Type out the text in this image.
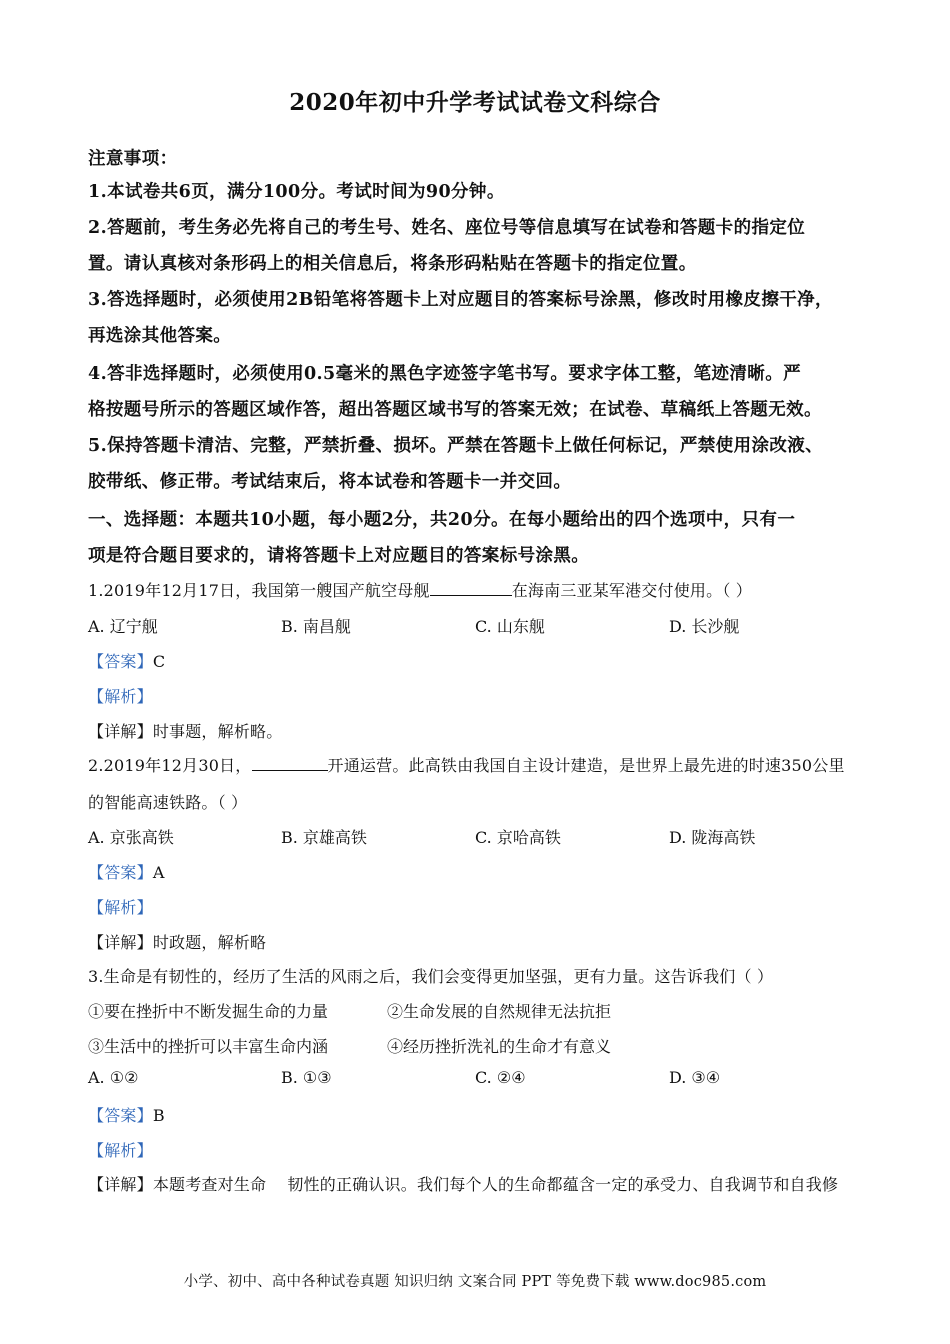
2020年初中升学考试试卷文科综合
注意事项：
1.本试卷共6页，满分100分。考试时间为90分钟。
2.答题前，考生务必先将自己的考生号、姓名、座位号等信息填写在试卷和答题卡的指定位
置。请认真核对条形码上的相关信息后，将条形码粘贴在答题卡的指定位置。
3.答选择题时，必须使用2B铅笔将答题卡上对应题目的答案标号涂黑，修改时用橡皮擦干净，
再选涂其他答案。
4.答非选择题时，必须使用0.5毫米的黑色字迹签字笔书写。要求字体工整，笔迹清晰。严
格按题号所示的答题区域作答，超出答题区域书写的答案无效；在试卷、草稿纸上答题无效。
5.保持答题卡清洁、完整，严禁折叠、损坏。严禁在答题卡上做任何标记，严禁使用涂改液、
胶带纸、修正带。考试结束后，将本试卷和答题卡一并交回。
一、选择题：本题共10小题，每小题2分，共20分。在每小题给出的四个选项中，只有一
项是符合题目要求的，请将答题卡上对应题目的答案标号涂黑。
1.2019年12月17日，我国第一艘国产航空母舰	在海南三亚某军港交付使用。（ ）
A. 辽宁舰	B. 南昌舰	C. 山东舰	D. 长沙舰
【答案】C
【解析】
【详解】时事题，解析略。
2.2019年12月30日，	开通运营。此高铁由我国自主设计建造，是世界上最先进的时速350公里
的智能高速铁路。（ ）
A. 京张高铁	B. 京雄高铁	C. 京哈高铁	D. 陇海高铁
【答案】A
【解析】
【详解】时政题，解析略
3.生命是有韧性的，经历了生活的风雨之后，我们会变得更加坚强，更有力量。这告诉我们（ ）
①要在挫折中不断发掘生命的力量	②生命发展的自然规律无法抗拒
③生活中的挫折可以丰富生命内涵	④经历挫折洗礼的生命才有意义
A. ①②	B. ①③	C. ②④	D. ③④
【答案】B
【解析】
【详解】本题考查对生命    韧性的正确认识。我们每个人的生命都蕴含一定的承受力、自我调节和自我修
小学、初中、高中各种试卷真题 知识归纳 文案合同 PPT 等免费下载 www.doc985.com
